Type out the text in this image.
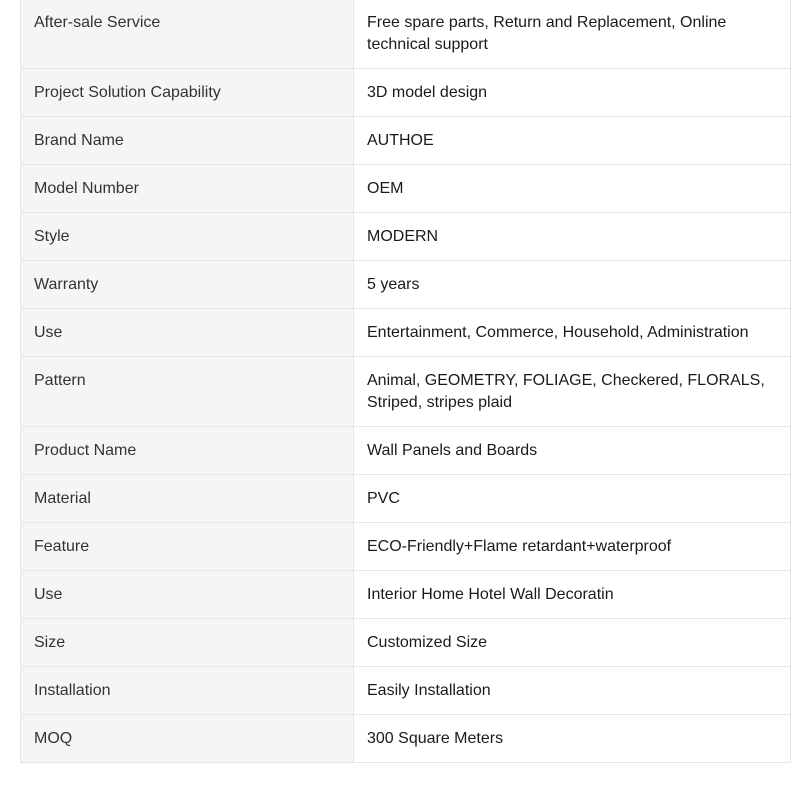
After-sale Service	Free spare parts, Return and Replacement, Online technical support
Project Solution Capability	3D model design
Brand Name	AUTHOE
Model Number	OEM
Style	MODERN
Warranty	5 years
Use	Entertainment, Commerce, Household, Administration
Pattern	Animal, GEOMETRY, FOLIAGE, Checkered, FLORALS, Striped, stripes plaid
Product Name	Wall Panels and Boards
Material	PVC
Feature	ECO-Friendly+Flame retardant+waterproof
Use	Interior Home Hotel Wall Decoratin
Size	Customized Size
Installation	Easily Installation
MOQ	300 Square Meters
